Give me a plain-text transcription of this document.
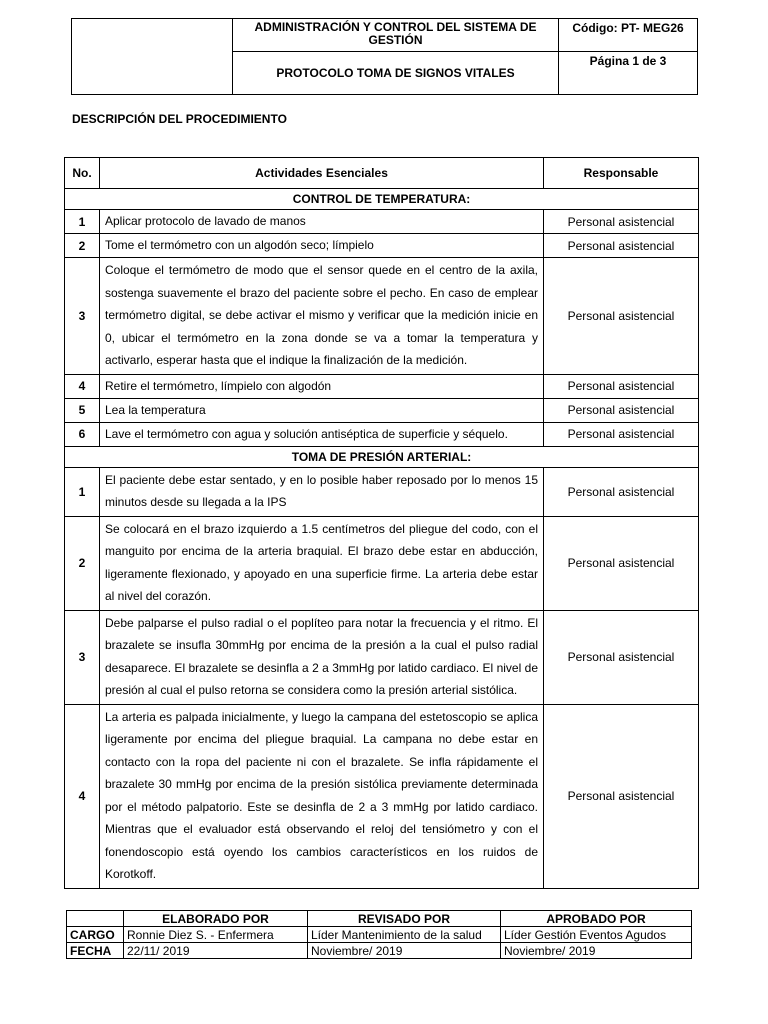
	ADMINISTRACIÓN Y CONTROL DEL SISTEMA DE GESTIÓN	Código: PT- MEG26
	PROTOCOLO TOMA DE SIGNOS VITALES	Página 1 de 3
DESCRIPCIÓN DEL PROCEDIMIENTO
No.	Actividades Esenciales	Responsable
CONTROL DE TEMPERATURA:		
1	Aplicar protocolo de lavado de manos	Personal asistencial
2	Tome el termómetro con un algodón seco; límpielo	Personal asistencial
3	Coloque el termómetro de modo que el sensor quede en el centro de la axila, sostenga suavemente el brazo del paciente sobre el pecho. En caso de emplear termómetro digital, se debe activar el mismo y verificar que la medición inicie en 0, ubicar el termómetro en la zona donde se va a tomar la temperatura y activarlo, esperar hasta que el indique la finalización de la medición.	Personal asistencial
4	Retire el termómetro, límpielo con algodón	Personal asistencial
5	Lea la temperatura	Personal asistencial
6	Lave el termómetro con agua y solución antiséptica de superficie y séquelo.	Personal asistencial
TOMA DE PRESIÓN ARTERIAL:		
1	El paciente debe estar sentado, y en lo posible haber reposado por lo menos 15 minutos desde su llegada a la IPS	Personal asistencial
2	Se colocará en el brazo izquierdo a 1.5 centímetros del pliegue del codo, con el manguito por encima de la arteria braquial. El brazo debe estar en abducción, ligeramente flexionado, y apoyado en una superficie firme. La arteria debe estar al nivel del corazón.	Personal asistencial
3	Debe palparse el pulso radial o el poplíteo para notar la frecuencia y el ritmo. El brazalete se insufla 30mmHg por encima de la presión a la cual el pulso radial desaparece. El brazalete se desinfla a 2 a 3mmHg por latido cardiaco. El nivel de presión al cual el pulso retorna se considera como la presión arterial sistólica.	Personal asistencial
4	La arteria es palpada inicialmente, y luego la campana del estetoscopio se aplica ligeramente por encima del pliegue braquial. La campana no debe estar en contacto con la ropa del paciente ni con el brazalete. Se infla rápidamente el brazalete 30 mmHg por encima de la presión sistólica previamente determinada por el método palpatorio. Este se desinfla de 2 a 3 mmHg por latido cardiaco. Mientras que el evaluador está observando el reloj del tensiómetro y con el fonendoscopio está oyendo los cambios característicos en los ruidos de Korotkoff.	Personal asistencial
	ELABORADO POR	REVISADO POR	APROBADO POR
CARGO	Ronnie Diez S. - Enfermera	Líder Mantenimiento de la salud	Líder Gestión Eventos Agudos
FECHA	22/11/ 2019	Noviembre/ 2019	Noviembre/ 2019
